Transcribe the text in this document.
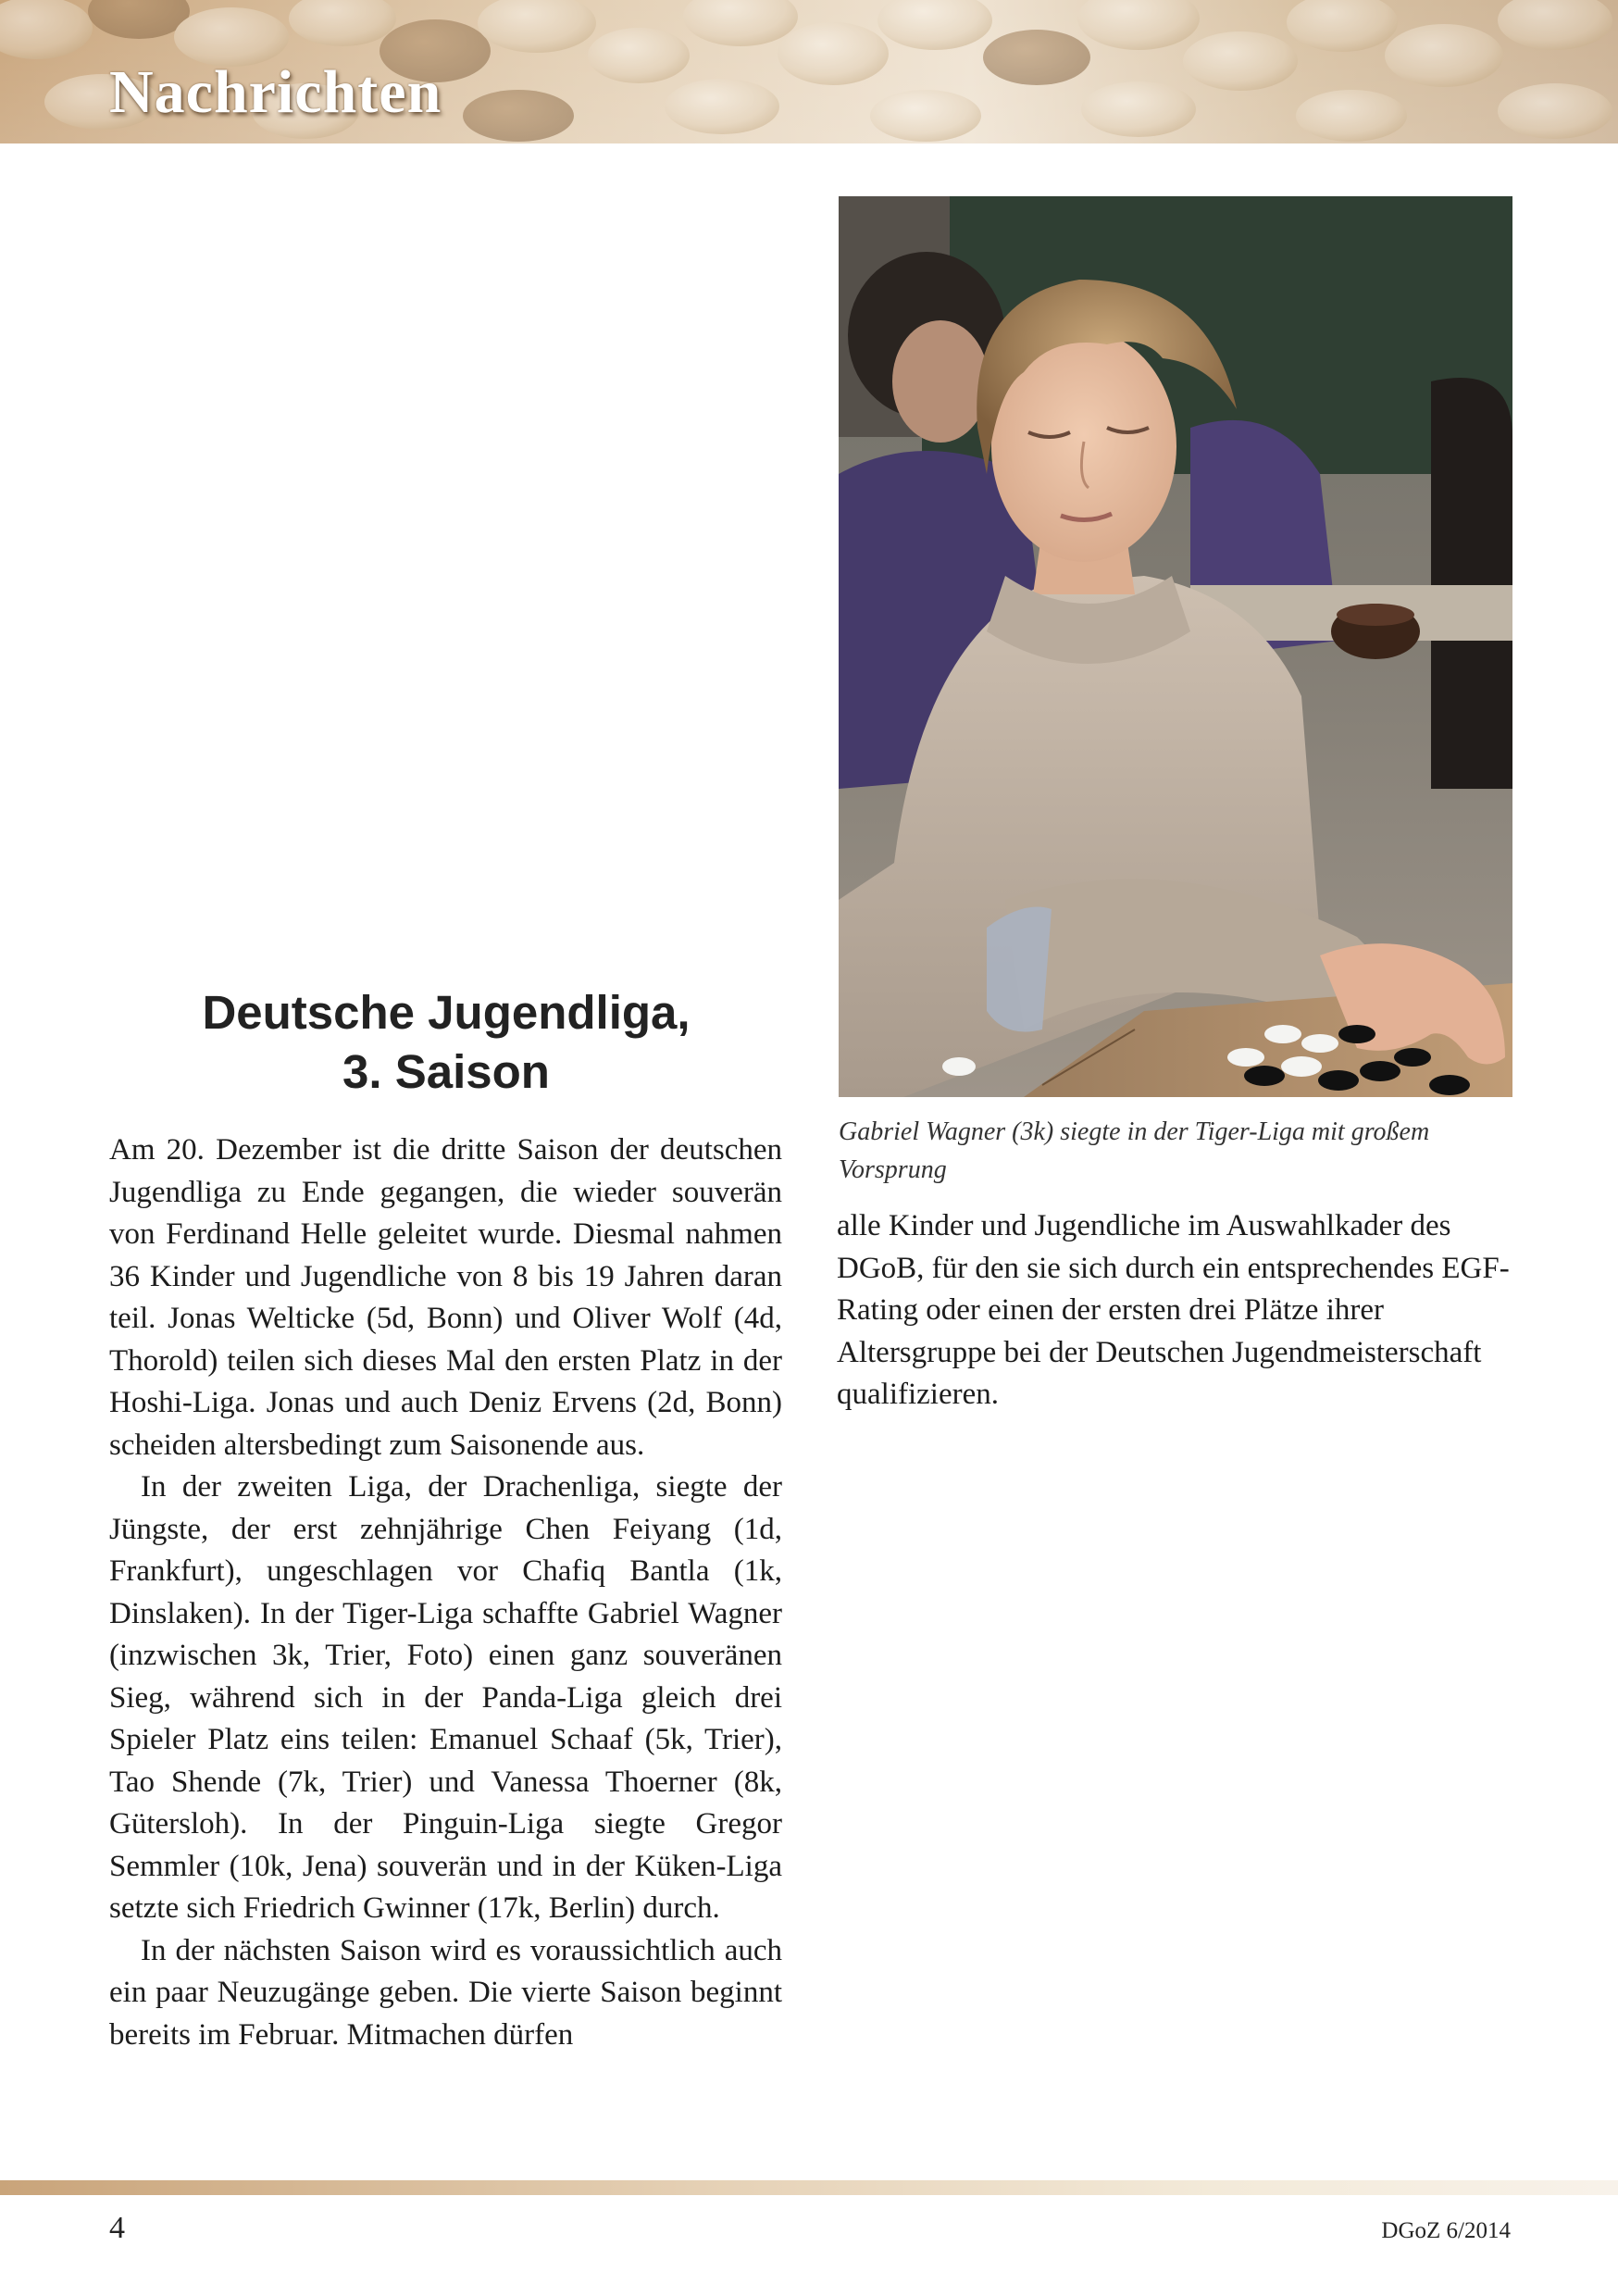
Nachrichten

Gabriel Wagner (3k) siegte in der Tiger-Liga mit großem Vorsprung

Deutsche Jugendliga,
3. Saison

Am 20. Dezember ist die dritte Saison der deutschen Jugendliga zu Ende gegangen, die wieder souverän von Ferdinand Helle geleitet wurde. Diesmal nahmen 36 Kinder und Jugendliche von 8 bis 19 Jahren daran teil. Jonas Welticke (5d, Bonn) und Oliver Wolf (4d, Thorold) teilen sich dieses Mal den ersten Platz in der Hoshi-Liga. Jonas und auch Deniz Ervens (2d, Bonn) scheiden altersbedingt zum Saisonende aus.

In der zweiten Liga, der Drachenliga, siegte der Jüngste, der erst zehnjährige Chen Feiyang (1d, Frankfurt), ungeschlagen vor Chafiq Bantla (1k, Dinslaken). In der Tiger-Liga schaffte Gabriel Wagner (inzwischen 3k, Trier, Foto) einen ganz souveränen Sieg, während sich in der Panda-Liga gleich drei Spieler Platz eins teilen: Emanuel Schaaf (5k, Trier), Tao Shende (7k, Trier) und Vanessa Thoerner (8k, Gütersloh). In der Pinguin-Liga siegte Gregor Semmler (10k, Jena) souverän und in der Küken-Liga setzte sich Friedrich Gwinner (17k, Berlin) durch.

In der nächsten Saison wird es voraussichtlich auch ein paar Neuzugänge geben. Die vierte Saison beginnt bereits im Februar. Mitmachen dürfen

alle Kinder und Jugendliche im Auswahlkader des DGoB, für den sie sich durch ein entsprechendes EGF-Rating oder einen der ersten drei Plätze ihrer Altersgruppe bei der Deutschen Jugendmeisterschaft qualifizieren.

4	DGoZ 6/2014
